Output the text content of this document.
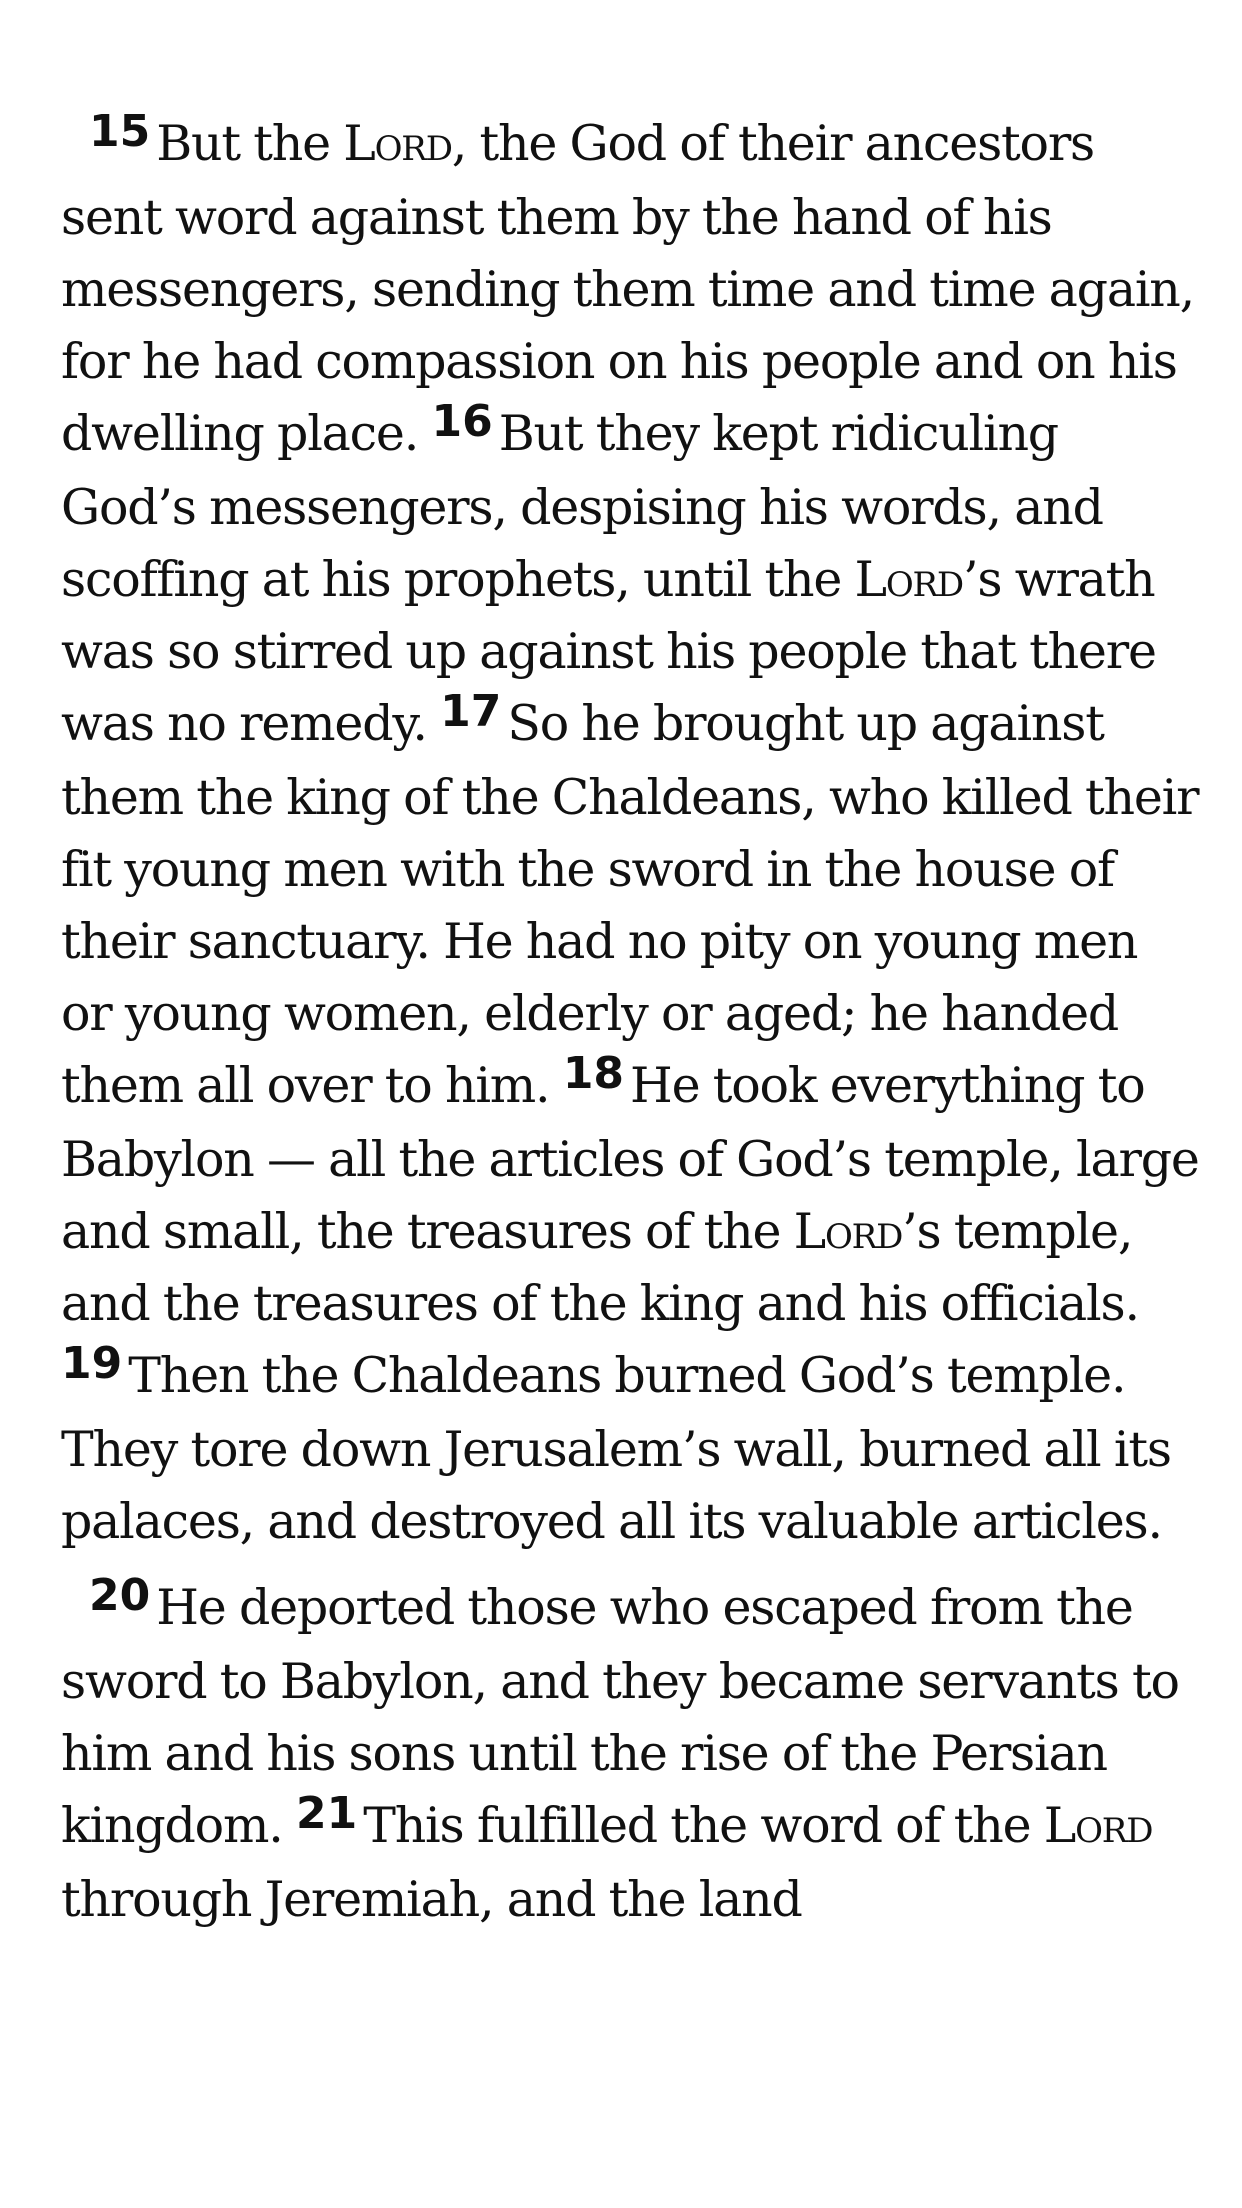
15 But the Lord, the God of their ancestors sent word against them by the hand of his messengers, sending them time and time again, for he had compassion on his people and on his dwelling place. 16 But they kept ridiculing God’s messengers, despising his words, and scoffing at his prophets, until the Lord’s wrath was so stirred up against his people that there was no remedy. 17 So he brought up against them the king of the Chaldeans, who killed their fit young men with the sword in the house of their sanctuary. He had no pity on young men or young women, elderly or aged; he handed them all over to him. 18 He took everything to Babylon — all the articles of God’s temple, large and small, the treasures of the Lord’s temple, and the treasures of the king and his officials. 19 Then the Chaldeans burned God’s temple. They tore down Jerusalem’s wall, burned all its palaces, and destroyed all its valuable articles.

20 He deported those who escaped from the sword to Babylon, and they became servants to him and his sons until the rise of the Persian kingdom. 21 This fulfilled the word of the Lord through Jeremiah, and the land
